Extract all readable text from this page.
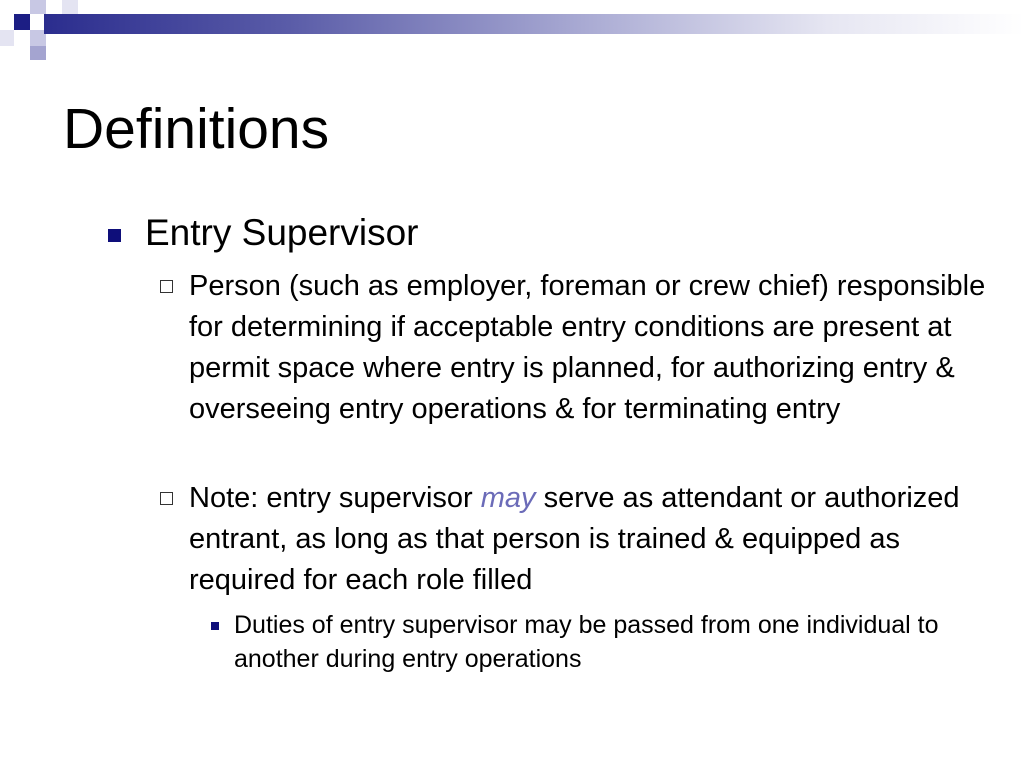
Definitions
Entry Supervisor
Person (such as employer, foreman or crew chief) responsible for determining if acceptable entry conditions are present at permit space where entry is planned, for authorizing entry & overseeing entry operations & for terminating entry
Note: entry supervisor may serve as attendant or authorized entrant, as long as that person is trained & equipped as required for each role filled
Duties of entry supervisor may be passed from one individual to another during entry operations
